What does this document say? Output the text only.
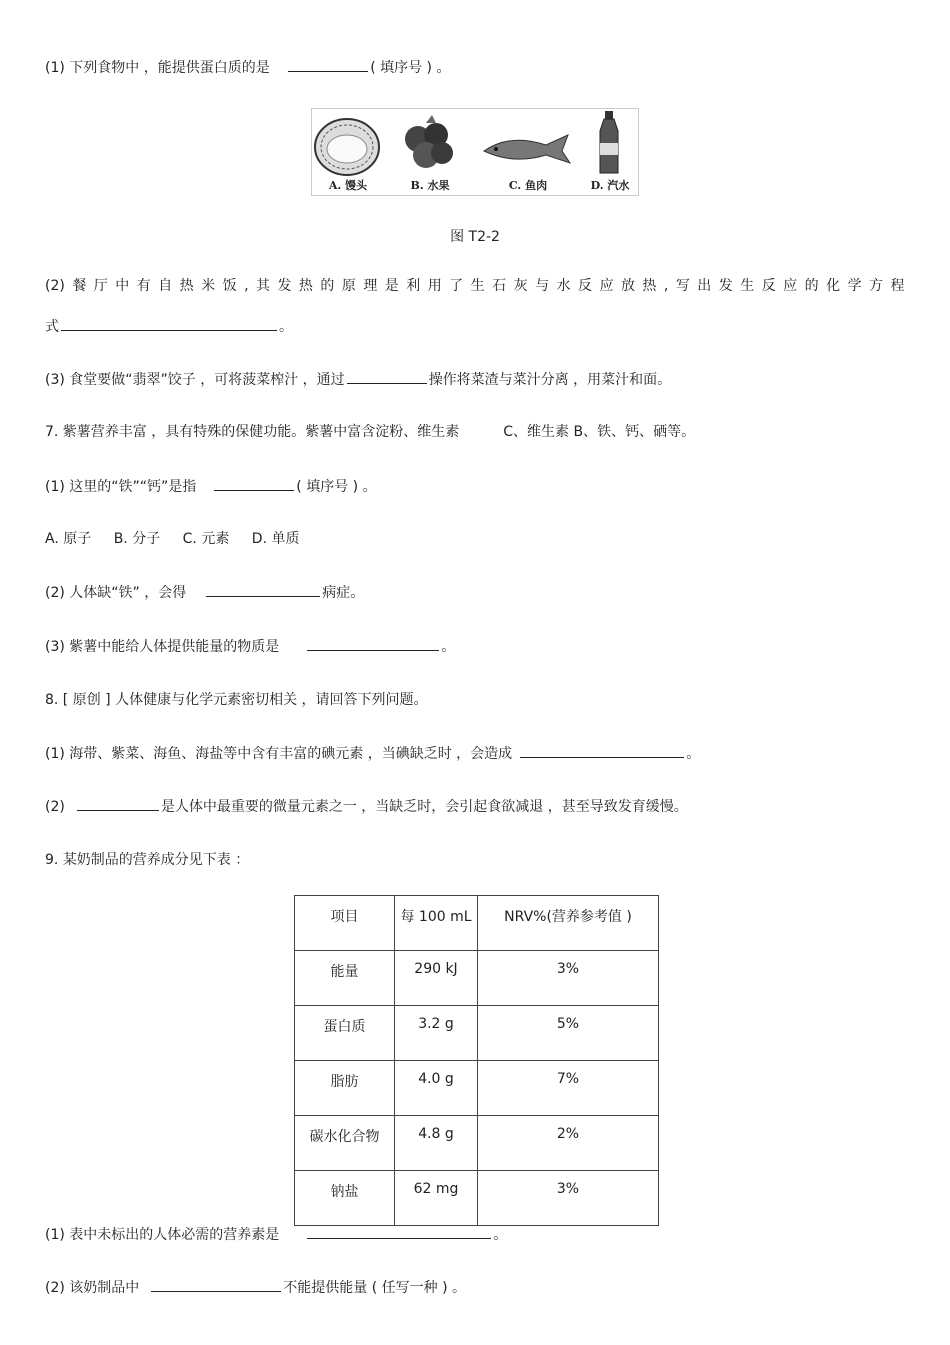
(1) 下列食物中 ，能提供蛋白质的是	( 填序号 ) 。
A. 馒头	B. 水果	C. 鱼肉	D. 汽水
图 T2-2
(2) 餐 厅 中 有 自 热 米 饭 , 其 发 热 的 原 理 是 利 用 了 生 石 灰 与 水 反 应 放 热 , 写 出 发 生 反 应 的 化 学 方 程
式	。
(3) 食堂要做“翡翠”饺子 ，可将菠菜榨汁 ，通过	操作将菜渣与菜汁分离 ，用菜汁和面。
7. 紫薯营养丰富 ，具有特殊的保健功能。紫薯中富含淀粉、维生素	C、维生素 B、铁、钙、硒等。
(1) 这里的“铁”“钙”是指	( 填序号 ) 。
A. 原子 B. 分子 C. 元素 D. 单质
(2) 人体缺“铁” ，会得	病症。
(3) 紫薯中能给人体提供能量的物质是	。
8. [ 原创 ] 人体健康与化学元素密切相关 ，请回答下列问题。
(1) 海带、紫菜、海鱼、海盐等中含有丰富的碘元素 ，当碘缺乏时 ，会造成	。
(2)	是人体中最重要的微量元素之一 ，当缺乏时，会引起食欲减退 ，甚至导致发育缓慢。
9. 某奶制品的营养成分见下表 ：
项目	每 100 mL	NRV%(营养参考值 )
能量	290 kJ	3%
蛋白质	3.2 g	5%
脂肪	4.0 g	7%
碳水化合物	4.8 g	2%
钠盐	62 mg	3%
(1) 表中未标出的人体必需的营养素是	。
(2) 该奶制品中	不能提供能量 ( 任写一种 ) 。
